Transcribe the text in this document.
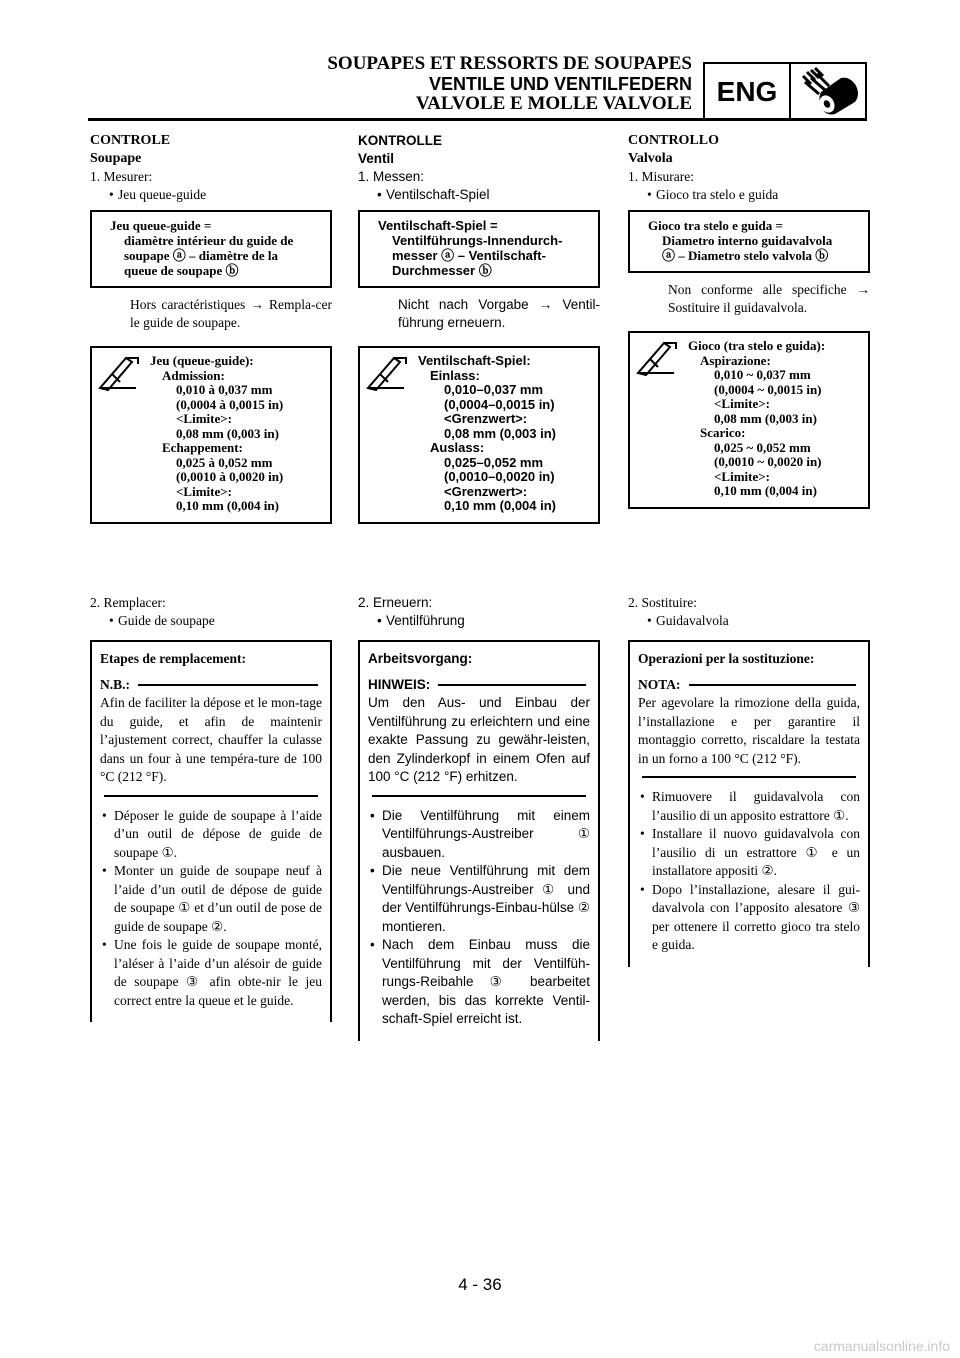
SOUPAPES ET RESSORTS DE SOUPAPES
VENTILE UND VENTILFEDERN
VALVOLE E MOLLE VALVOLE ENG
CONTROLE
Soupape
1. Mesurer:
• Jeu queue-guide
Jeu queue-guide =
diamètre intérieur du guide de
soupape ⓐ – diamètre de la
queue de soupape ⓑ
Hors caractéristiques → Rempla-cer le guide de soupape.
Jeu (queue-guide):
Admission:
0,010 à 0,037 mm
(0,0004 à 0,0015 in)
<Limite>:
0,08 mm (0,003 in)
Echappement:
0,025 à 0,052 mm
(0,0010 à 0,0020 in)
<Limite>:
0,10 mm (0,004 in)
KONTROLLE
Ventil
1. Messen:
• Ventilschaft-Spiel
Ventilschaft-Spiel =
Ventilführungs-Innendurch-
messer ⓐ – Ventilschaft-
Durchmesser ⓑ
Nicht nach Vorgabe → Ventil-führung erneuern.
Ventilschaft-Spiel:
Einlass:
0,010–0,037 mm
(0,0004–0,0015 in)
<Grenzwert>:
0,08 mm (0,003 in)
Auslass:
0,025–0,052 mm
(0,0010–0,0020 in)
<Grenzwert>:
0,10 mm (0,004 in)
CONTROLLO
Valvola
1. Misurare:
• Gioco tra stelo e guida
Gioco tra stelo e guida =
Diametro interno guidavalvola
ⓐ – Diametro stelo valvola ⓑ
Non conforme alle specifiche → Sostituire il guidavalvola.
Gioco (tra stelo e guida):
Aspirazione:
0,010 ~ 0,037 mm
(0,0004 ~ 0,0015 in)
<Limite>:
0,08 mm (0,003 in)
Scarico:
0,025 ~ 0,052 mm
(0,0010 ~ 0,0020 in)
<Limite>:
0,10 mm (0,004 in)
2. Remplacer:
• Guide de soupape
Etapes de remplacement:
N.B.:
Afin de faciliter la dépose et le mon-tage du guide, et afin de maintenir l’ajustement correct, chauffer la culasse dans un four à une tempéra-ture de 100 °C (212 °F).
• Déposer le guide de soupape à l’aide d’un outil de dépose de guide de soupape ①.
• Monter un guide de soupape neuf à l’aide d’un outil de dépose de guide de soupape ① et d’un outil de pose de guide de soupape ②.
• Une fois le guide de soupape monté, l’aléser à l’aide d’un alésoir de guide de soupape ③ afin obte-nir le jeu correct entre la queue et le guide.
2. Erneuern:
• Ventilführung
Arbeitsvorgang:
HINWEIS:
Um den Aus- und Einbau der Ventilführung zu erleichtern und eine exakte Passung zu gewähr-leisten, den Zylinderkopf in einem Ofen auf 100 °C (212 °F) erhitzen.
• Die Ventilführung mit einem Ventilführungs-Austreiber ① ausbauen.
• Die neue Ventilführung mit dem Ventilführungs-Austreiber ① und der Ventilführungs-Einbau-hülse ② montieren.
• Nach dem Einbau muss die Ventilführung mit der Ventilfüh-rungs-Reibahle ③ bearbeitet werden, bis das korrekte Ventil-schaft-Spiel erreicht ist.
2. Sostituire:
• Guidavalvola
Operazioni per la sostituzione:
NOTA:
Per agevolare la rimozione della guida, l’installazione e per garantire il montaggio corretto, riscaldare la testata in un forno a 100 °C (212 °F).
• Rimuovere il guidavalvola con l’ausilio di un apposito estrattore ①.
• Installare il nuovo guidavalvola con l’ausilio di un estrattore ① e un installatore appositi ②.
• Dopo l’installazione, alesare il gui-davalvola con l’apposito alesatore ③ per ottenere il corretto gioco tra stelo e guida.
4 - 36
carmanualsonline.info
